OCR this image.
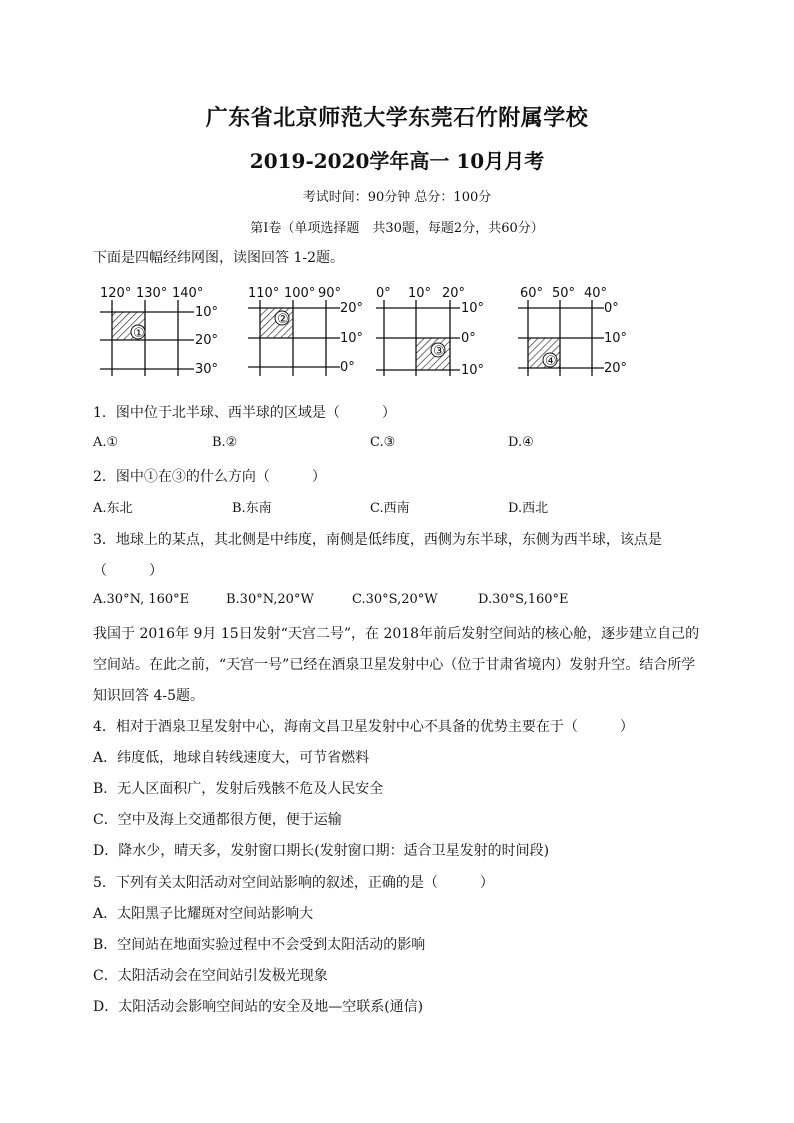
广东省北京师范大学东莞石竹附属学校
2019-2020学年高一 10月月考
考试时间：90分钟 总分：100分
第Ⅰ卷（单项选择题　共30题，每题2分，共60分）
下面是四幅经纬网图，读图回答 1-2题。
120° 130° 140°
①
10°
20°
30°
110° 100° 90°
②
20°
10°
0°
0° 10° 20°
③
10°
0°
10°
60° 50° 40°
④
0°
10°
20°
1．图中位于北半球、西半球的区域是（　　　）
A.①	B.②	C.③	D.④
2．图中①在③的什么方向（　　　）
A.东北	B.东南	C.西南	D.西北
3．地球上的某点，其北侧是中纬度，南侧是低纬度，西侧为东半球，东侧为西半球，该点是
（　　　）
A.30°N, 160°E	B.30°N,20°W	C.30°S,20°W	D.30°S,160°E
我国于 2016年 9月 15日发射“天宫二号”，在 2018年前后发射空间站的核心舱，逐步建立自己的
空间站。在此之前，“天宫一号”已经在酒泉卫星发射中心（位于甘肃省境内）发射升空。结合所学
知识回答 4-5题。
4．相对于酒泉卫星发射中心，海南文昌卫星发射中心不具备的优势主要在于（　　　）
A．纬度低，地球自转线速度大，可节省燃料
B．无人区面积广，发射后残骸不危及人民安全
C．空中及海上交通都很方便，便于运输
D．降水少，晴天多，发射窗口期长(发射窗口期：适合卫星发射的时间段)
5．下列有关太阳活动对空间站影响的叙述，正确的是（　　　）
A．太阳黑子比耀斑对空间站影响大
B．空间站在地面实验过程中不会受到太阳活动的影响
C．太阳活动会在空间站引发极光现象
D．太阳活动会影响空间站的安全及地—空联系(通信)
